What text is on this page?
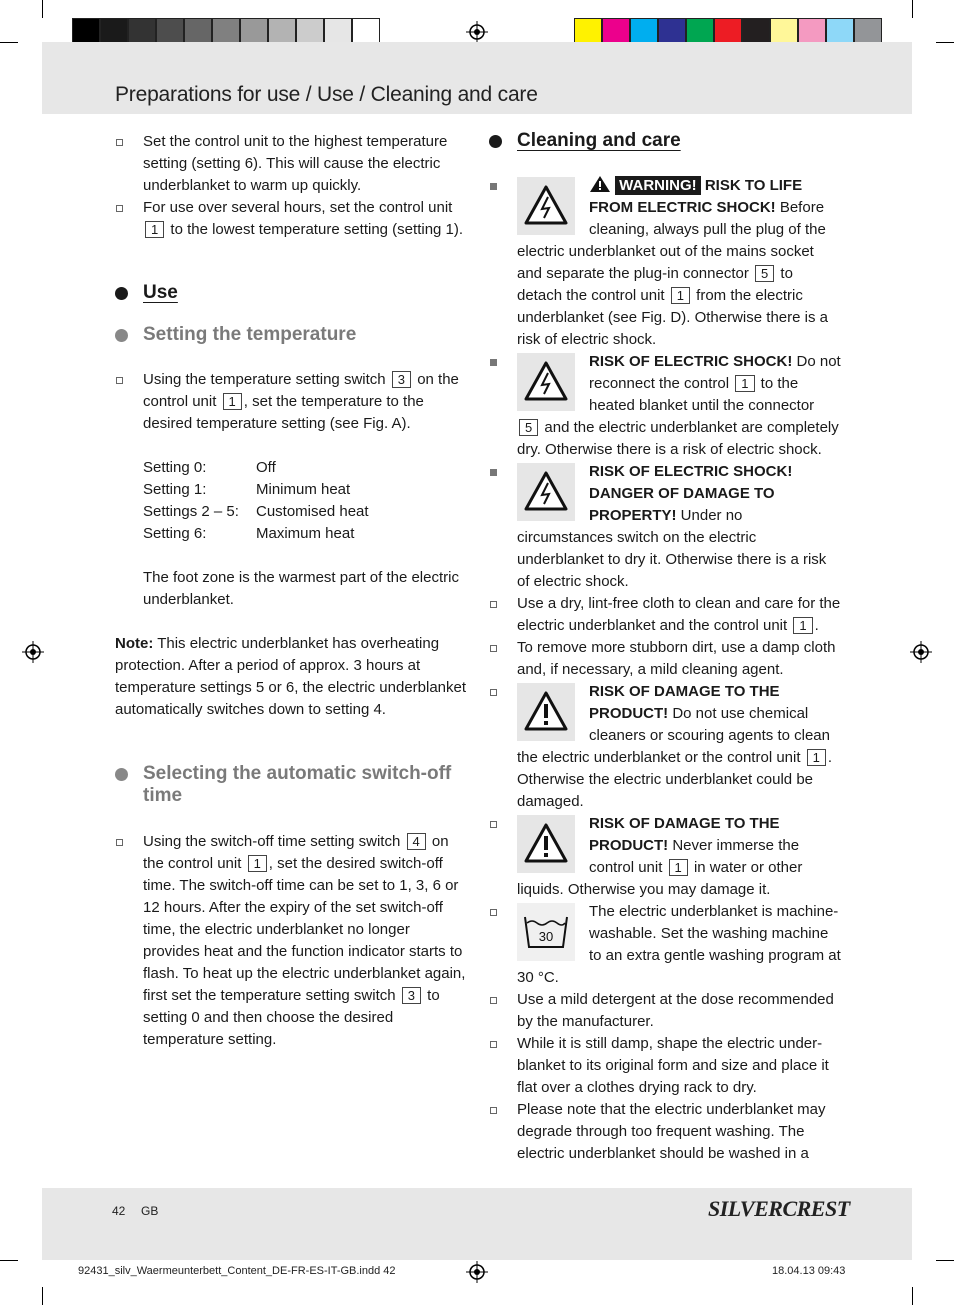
Preparations for use / Use / Cleaning and care

Set the control unit to the highest temperature setting (setting 6). This will cause the electric underblanket to warm up quickly.

For use over several hours, set the control unit 1 to the lowest temperature setting (setting 1).

Use
Setting the temperature

Using the temperature setting switch 3 on the control unit 1 , set the temperature to the desired temperature setting (see Fig. A).

Setting 0:	Off
Setting 1:	Minimum heat
Settings 2 – 5:	Customised heat
Setting 6:	Maximum heat

The foot zone is the warmest part of the electric underblanket.

Note: This electric underblanket has overheating protection. After a period of approx. 3 hours at temperature settings 5 or 6, the electric underblanket automatically switches down to setting 4.

Selecting the automatic switch-off time

Using the switch-off time setting switch 4 on the control unit 1 , set the desired switch-off time. The switch-off time can be set to 1, 3, 6 or 12 hours. After the expiry of the set switch-off time, the electric underblanket no longer provides heat and the function indicator starts to flash. To heat up the electric underblanket again, first set the temperature setting switch 3 to setting 0 and then choose the desired temperature setting.

Cleaning and care

WARNING! RISK TO LIFE FROM ELECTRIC SHOCK! Before cleaning, always pull the plug of the electric underblanket out of the mains socket and separate the plug-in connector 5 to detach the control unit 1 from the electric underblanket (see Fig. D). Otherwise there is a risk of electric shock.

RISK OF ELECTRIC SHOCK! Do not reconnect the control 1 to the heated blanket until the connector 5 and the electric underblanket are completely dry. Otherwise there is a risk of electric shock.

RISK OF ELECTRIC SHOCK! DANGER OF DAMAGE TO PROPERTY! Under no circumstances switch on the electric underblanket to dry it. Otherwise there is a risk of electric shock.

Use a dry, lint-free cloth to clean and care for the electric underblanket and the control unit 1 .

To remove more stubborn dirt, use a damp cloth and, if necessary, a mild cleaning agent.

RISK OF DAMAGE TO THE PRODUCT! Do not use chemical cleaners or scouring agents to clean the electric underblanket or the control unit 1 . Otherwise the electric underblanket could be damaged.

RISK OF DAMAGE TO THE PRODUCT! Never immerse the control unit 1 in water or other liquids. Otherwise you may damage it.

30

The electric underblanket is machine-washable. Set the washing machine to an extra gentle washing program at 30 °C.

Use a mild detergent at the dose recommended by the manufacturer.

While it is still damp, shape the electric under-blanket to its original form and size and place it flat over a clothes drying rack to dry.

Please note that the electric underblanket may degrade through too frequent washing. The electric underblanket should be washed in a

42 GB	SILVERCREST
92431_silv_Waermeunterbett_Content_DE-FR-ES-IT-GB.indd 42	18.04.13 09:43
